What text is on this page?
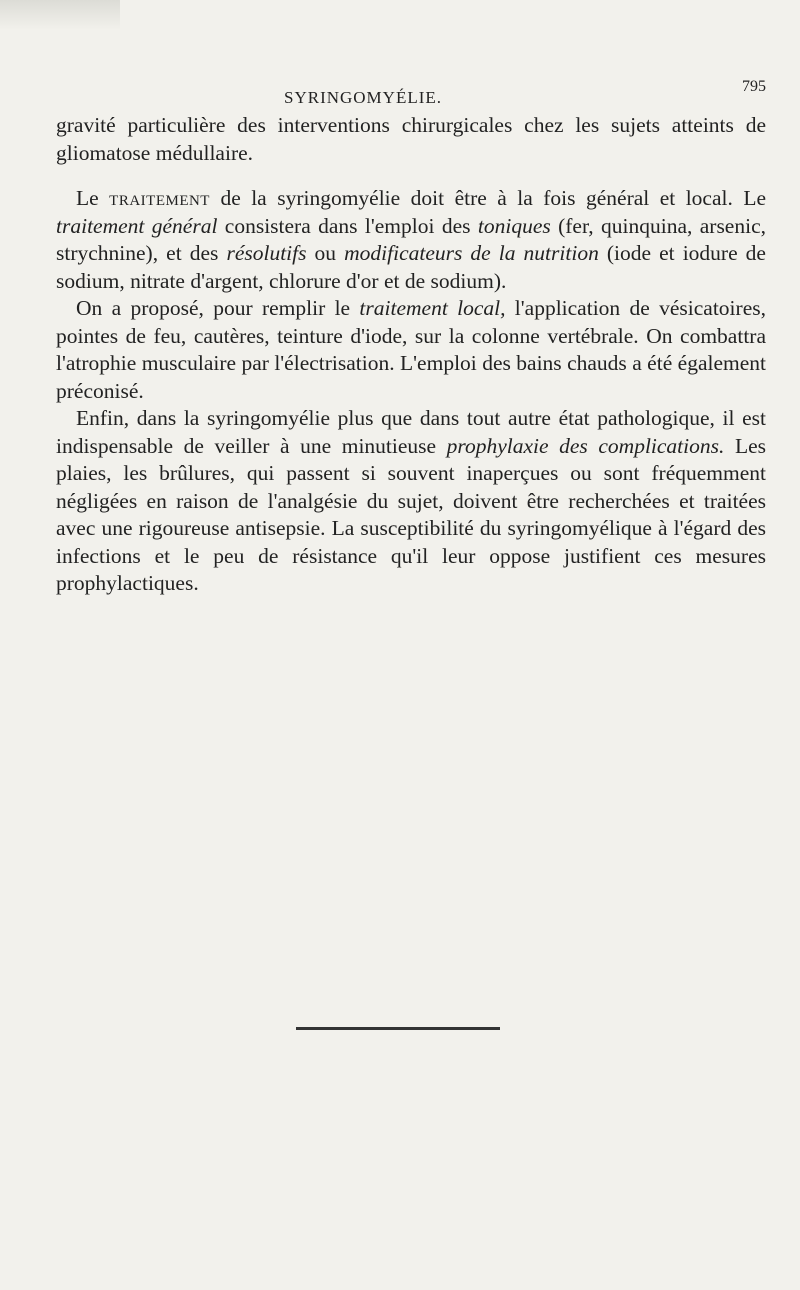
SYRINGOMYÉLIE.
795

gravité particulière des interventions chirurgicales chez les sujets atteints de gliomatose médullaire.

Le traitement de la syringomyélie doit être à la fois général et local. Le traitement général consistera dans l'emploi des toniques (fer, quinquina, arsenic, strychnine), et des résolutifs ou modificateurs de la nutrition (iode et iodure de sodium, nitrate d'argent, chlorure d'or et de sodium).

On a proposé, pour remplir le traitement local, l'application de vésicatoires, pointes de feu, cautères, teinture d'iode, sur la colonne vertébrale. On combattra l'atrophie musculaire par l'électrisation. L'emploi des bains chauds a été également préconisé.

Enfin, dans la syringomyélie plus que dans tout autre état pathologique, il est indispensable de veiller à une minutieuse prophylaxie des complications. Les plaies, les brûlures, qui passent si souvent inaperçues ou sont fréquemment négligées en raison de l'analgésie du sujet, doivent être recherchées et traitées avec une rigoureuse antisepsie. La susceptibilité du syringomyélique à l'égard des infections et le peu de résistance qu'il leur oppose justifient ces mesures prophylactiques.
